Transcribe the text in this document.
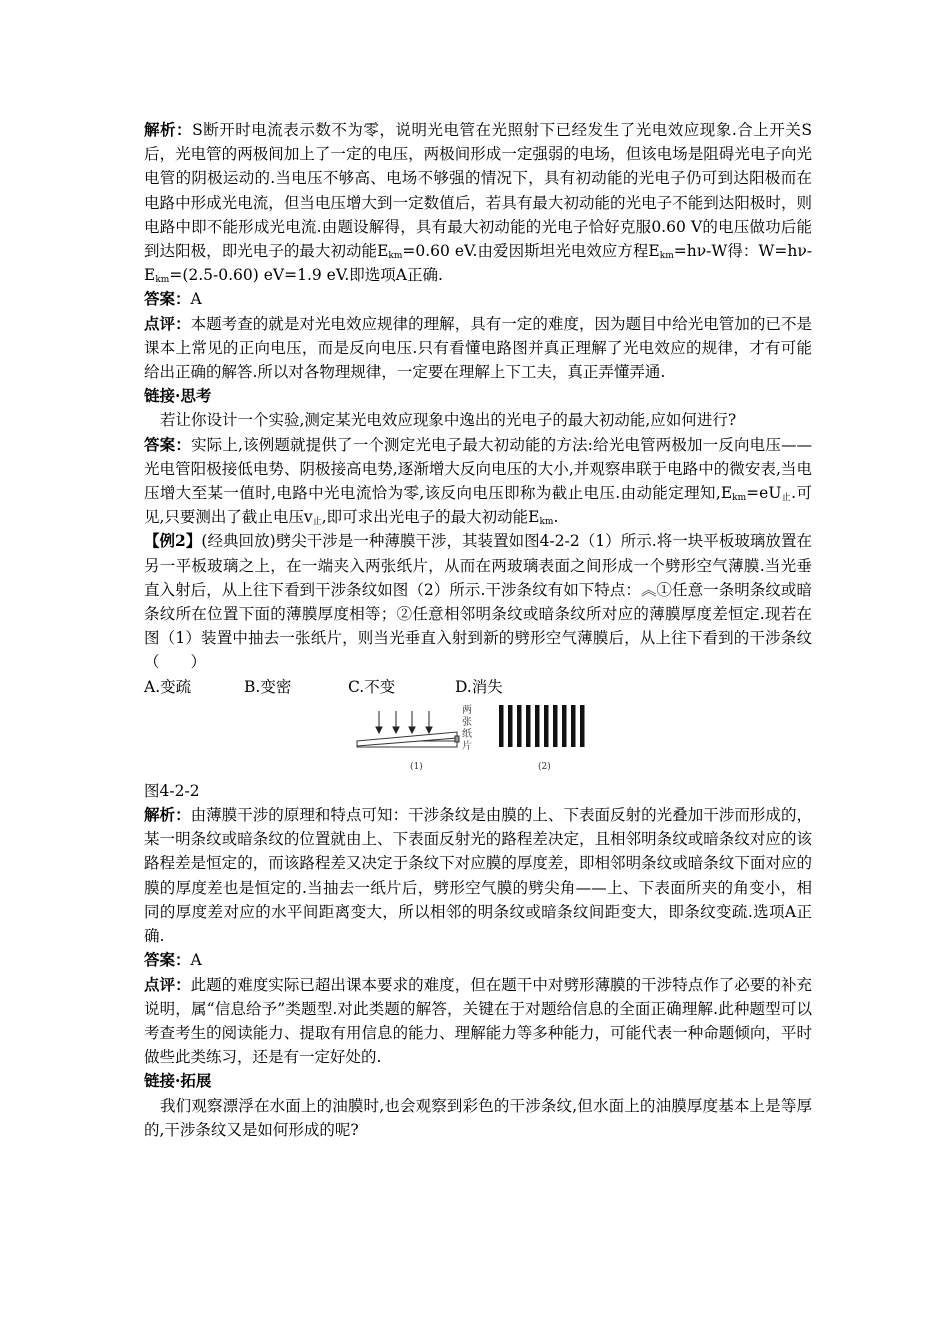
解析：S断开时电流表示数不为零，说明光电管在光照射下已经发生了光电效应现象.合上开关S后，光电管的两极间加上了一定的电压，两极间形成一定强弱的电场，但该电场是阻碍光电子向光电管的阴极运动的.当电压不够高、电场不够强的情况下，具有初动能的光电子仍可到达阳极而在电路中形成光电流，但当电压增大到一定数值后，若具有最大初动能的光电子不能到达阳极时，则电路中即不能形成光电流.由题设解得，具有最大初动能的光电子恰好克服0.60 V的电压做功后能到达阳极，即光电子的最大初动能$E_{km}=0.60$ eV.由爱因斯坦光电效应方程$E_{km}=h\nu-W$得：$W=h\nu-E_{km}=(2.5-0.60)$ eV=1.9 eV.即选项A正确.

答案：A

点评：本题考查的就是对光电效应规律的理解，具有一定的难度，因为题目中给光电管加的已不是课本上常见的正向电压，而是反向电压.只有看懂电路图并真正理解了光电效应的规律，才有可能给出正确的解答.所以对各物理规律，一定要在理解上下工夫，真正弄懂弄通.

链接·思考

若让你设计一个实验,测定某光电效应现象中逸出的光电子的最大初动能,应如何进行?

答案：实际上,该例题就提供了一个测定光电子最大初动能的方法:给光电管两极加一反向电压——光电管阳极接低电势、阴极接高电势,逐渐增大反向电压的大小,并观察串联于电路中的微安表,当电压增大至某一值时,电路中光电流恰为零,该反向电压即称为截止电压.由动能定理知$,E_{km}=eU_止$.可见,只要测出了截止电压$v_止$,即可求出光电子的最大初动能$E_{km}$.

【例2】(经典回放)劈尖干涉是一种薄膜干涉，其装置如图4-2-2（1）所示.将一块平板玻璃放置在另一平板玻璃之上，在一端夹入两张纸片，从而在两玻璃表面之间形成一个劈形空气薄膜.当光垂直入射后，从上往下看到干涉条纹如图（2）所示.干涉条纹有如下特点：︽①任意一条明条纹或暗条纹所在位置下面的薄膜厚度相等；②任意相邻明条纹或暗条纹所对应的薄膜厚度差恒定.现若在图（1）装置中抽去一张纸片，则当光垂直入射到新的劈形空气薄膜后，从上往下看到的干涉条纹（　　）

A.变疏	B.变密	C.不变	D.消失

两
张
纸
片
(1)	(2)

图4-2-2

解析：由薄膜干涉的原理和特点可知：干涉条纹是由膜的上、下表面反射的光叠加干涉而形成的，某一明条纹或暗条纹的位置就由上、下表面反射光的路程差决定，且相邻明条纹或暗条纹对应的该路程差是恒定的，而该路程差又决定于条纹下对应膜的厚度差，即相邻明条纹或暗条纹下面对应的膜的厚度差也是恒定的.当抽去一纸片后，劈形空气膜的劈尖角——上、下表面所夹的角变小，相同的厚度差对应的水平间距离变大，所以相邻的明条纹或暗条纹间距变大，即条纹变疏.选项A正确.

答案：A

点评：此题的难度实际已超出课本要求的难度，但在题干中对劈形薄膜的干涉特点作了必要的补充说明，属“信息给予”类题型.对此类题的解答，关键在于对题给信息的全面正确理解.此种题型可以考查考生的阅读能力、提取有用信息的能力、理解能力等多种能力，可能代表一种命题倾向，平时做些此类练习，还是有一定好处的.

链接·拓展

我们观察漂浮在水面上的油膜时,也会观察到彩色的干涉条纹,但水面上的油膜厚度基本上是等厚的,干涉条纹又是如何形成的呢?
